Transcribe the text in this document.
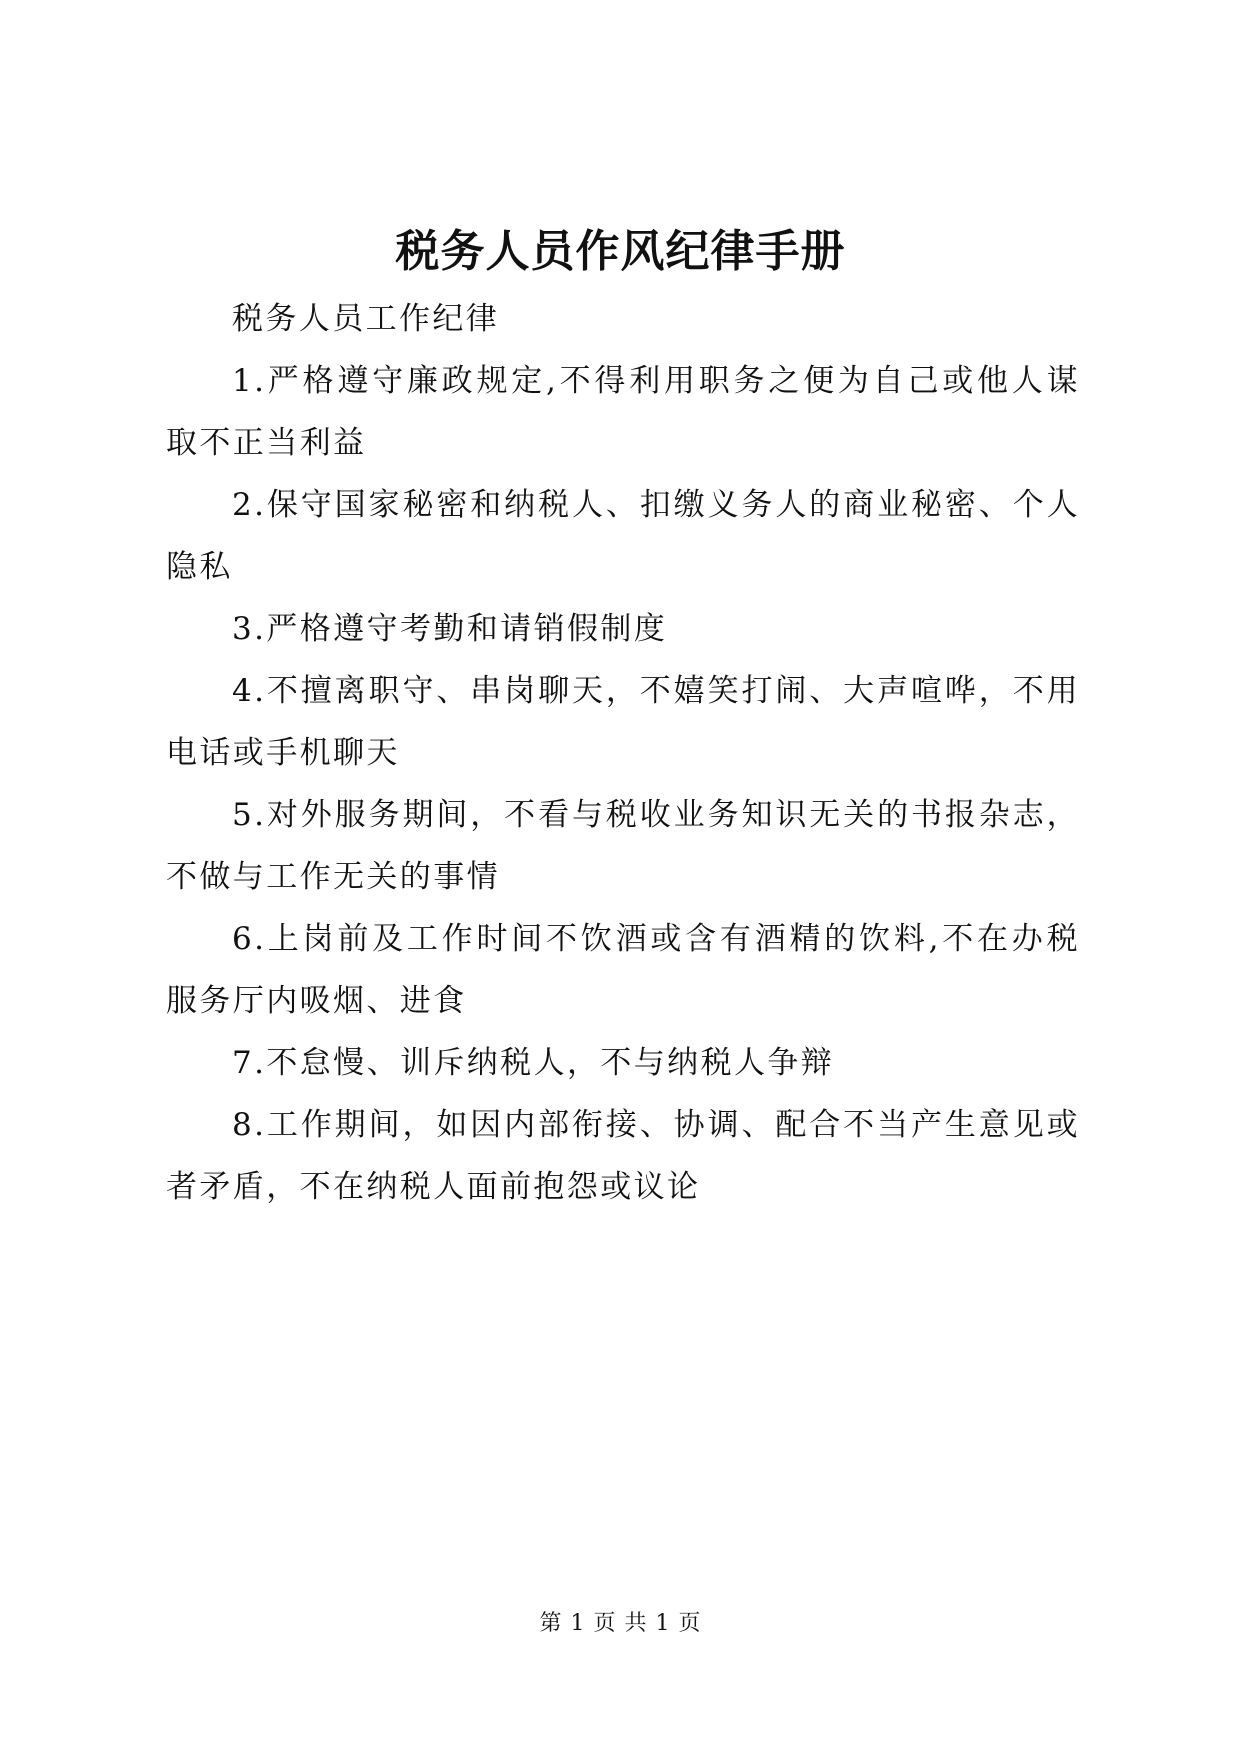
税务人员作风纪律手册

税务人员工作纪律

1.严格遵守廉政规定,不得利用职务之便为自己或他人谋取不正当利益

2.保守国家秘密和纳税人、扣缴义务人的商业秘密、个人隐私

3.严格遵守考勤和请销假制度

4.不擅离职守、串岗聊天，不嬉笑打闹、大声喧哗，不用电话或手机聊天

5.对外服务期间，不看与税收业务知识无关的书报杂志，不做与工作无关的事情

6.上岗前及工作时间不饮酒或含有酒精的饮料,不在办税服务厅内吸烟、进食

7.不怠慢、训斥纳税人，不与纳税人争辩

8.工作期间，如因内部衔接、协调、配合不当产生意见或者矛盾，不在纳税人面前抱怨或议论

第 1 页 共 1 页
